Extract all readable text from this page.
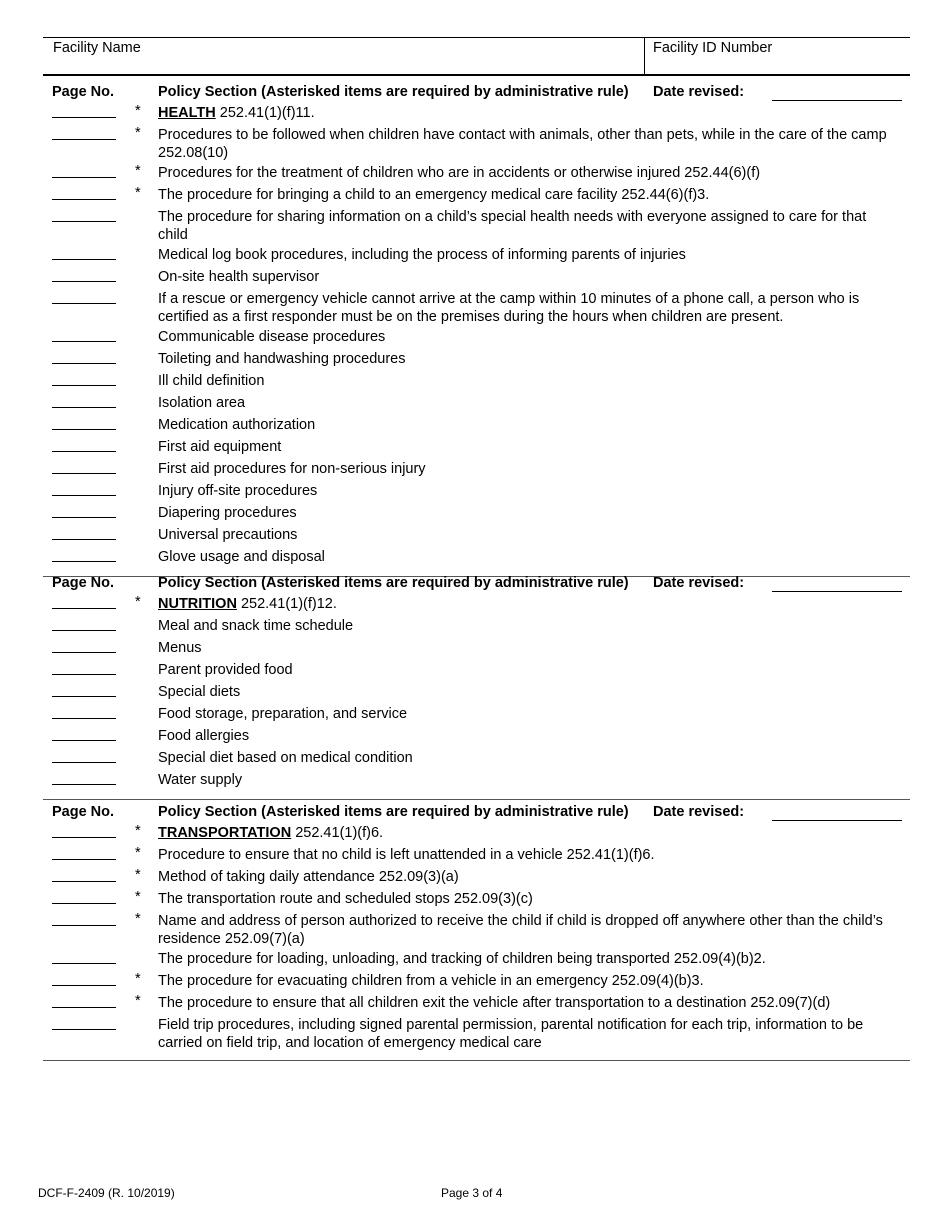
Facility Name	Facility ID Number
Page No.	Policy Section (Asterisked items are required by administrative rule) Date revised:
* HEALTH 252.41(1)(f)11.
* Procedures to be followed when children have contact with animals, other than pets, while in the care of the camp 252.08(10)
* Procedures for the treatment of children who are in accidents or otherwise injured 252.44(6)(f)
* The procedure for bringing a child to an emergency medical care facility 252.44(6)(f)3.
The procedure for sharing information on a child’s special health needs with everyone assigned to care for that child
Medical log book procedures, including the process of informing parents of injuries
On-site health supervisor
If a rescue or emergency vehicle cannot arrive at the camp within 10 minutes of a phone call, a person who is certified as a first responder must be on the premises during the hours when children are present.
Communicable disease procedures
Toileting and handwashing procedures
Ill child definition
Isolation area
Medication authorization
First aid equipment
First aid procedures for non-serious injury
Injury off-site procedures
Diapering procedures
Universal precautions
Glove usage and disposal
Page No.	Policy Section (Asterisked items are required by administrative rule) Date revised:
* NUTRITION 252.41(1)(f)12.
Meal and snack time schedule
Menus
Parent provided food
Special diets
Food storage, preparation, and service
Food allergies
Special diet based on medical condition
Water supply
Page No.	Policy Section (Asterisked items are required by administrative rule) Date revised:
* TRANSPORTATION 252.41(1)(f)6.
* Procedure to ensure that no child is left unattended in a vehicle 252.41(1)(f)6.
* Method of taking daily attendance 252.09(3)(a)
* The transportation route and scheduled stops 252.09(3)(c)
* Name and address of person authorized to receive the child if child is dropped off anywhere other than the child’s residence 252.09(7)(a)
The procedure for loading, unloading, and tracking of children being transported 252.09(4)(b)2.
* The procedure for evacuating children from a vehicle in an emergency 252.09(4)(b)3.
* The procedure to ensure that all children exit the vehicle after transportation to a destination 252.09(7)(d)
Field trip procedures, including signed parental permission, parental notification for each trip, information to be carried on field trip, and location of emergency medical care
DCF-F-2409 (R. 10/2019)	Page 3 of 4
